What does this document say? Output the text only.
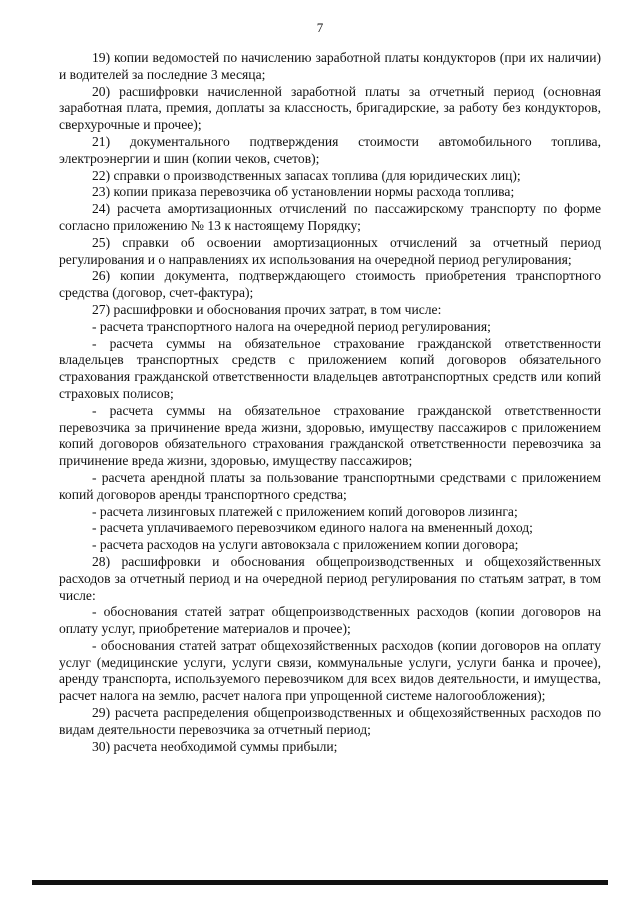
7

19) копии ведомостей по начислению заработной платы кондукторов (при их наличии) и водителей за последние 3 месяца;

20) расшифровки начисленной заработной платы за отчетный период (основная заработная плата, премия, доплаты за классность, бригадирские, за работу без кондукторов, сверхурочные и прочее);

21) документального подтверждения стоимости автомобильного топлива, электроэнергии и шин (копии чеков, счетов);

22) справки о производственных запасах топлива (для юридических лиц);

23) копии приказа перевозчика об установлении нормы расхода топлива;

24) расчета амортизационных отчислений по пассажирскому транспорту по форме согласно приложению № 13 к настоящему Порядку;

25) справки об освоении амортизационных отчислений за отчетный период регулирования и о направлениях их использования на очередной период регулирования;

26) копии документа, подтверждающего стоимость приобретения транспортного средства (договор, счет-фактура);

27) расшифровки и обоснования прочих затрат, в том числе:

- расчета транспортного налога на очередной период регулирования;

- расчета суммы на обязательное страхование гражданской ответственности владельцев транспортных средств с приложением копий договоров обязательного страхования гражданской ответственности владельцев автотранспортных средств или копий страховых полисов;

- расчета суммы на обязательное страхование гражданской ответственности перевозчика за причинение вреда жизни, здоровью, имуществу пассажиров с приложением копий договоров обязательного страхования гражданской ответственности перевозчика за причинение вреда жизни, здоровью, имуществу пассажиров;

- расчета арендной платы за пользование транспортными средствами с приложением копий договоров аренды транспортного средства;

- расчета лизинговых платежей с приложением копий договоров лизинга;

- расчета уплачиваемого перевозчиком единого налога на вмененный доход;

- расчета расходов на услуги автовокзала с приложением копии договора;

28) расшифровки и обоснования общепроизводственных и общехозяйственных расходов за отчетный период и на очередной период регулирования по статьям затрат, в том числе:

- обоснования статей затрат общепроизводственных расходов (копии договоров на оплату услуг, приобретение материалов и прочее);

- обоснования статей затрат общехозяйственных расходов (копии договоров на оплату услуг (медицинские услуги, услуги связи, коммунальные услуги, услуги банка и прочее), аренду транспорта, используемого перевозчиком для всех видов деятельности, и имущества, расчет налога на землю, расчет налога при упрощенной системе налогообложения);

29) расчета распределения общепроизводственных и общехозяйственных расходов по видам деятельности перевозчика за отчетный период;

30) расчета необходимой суммы прибыли;
